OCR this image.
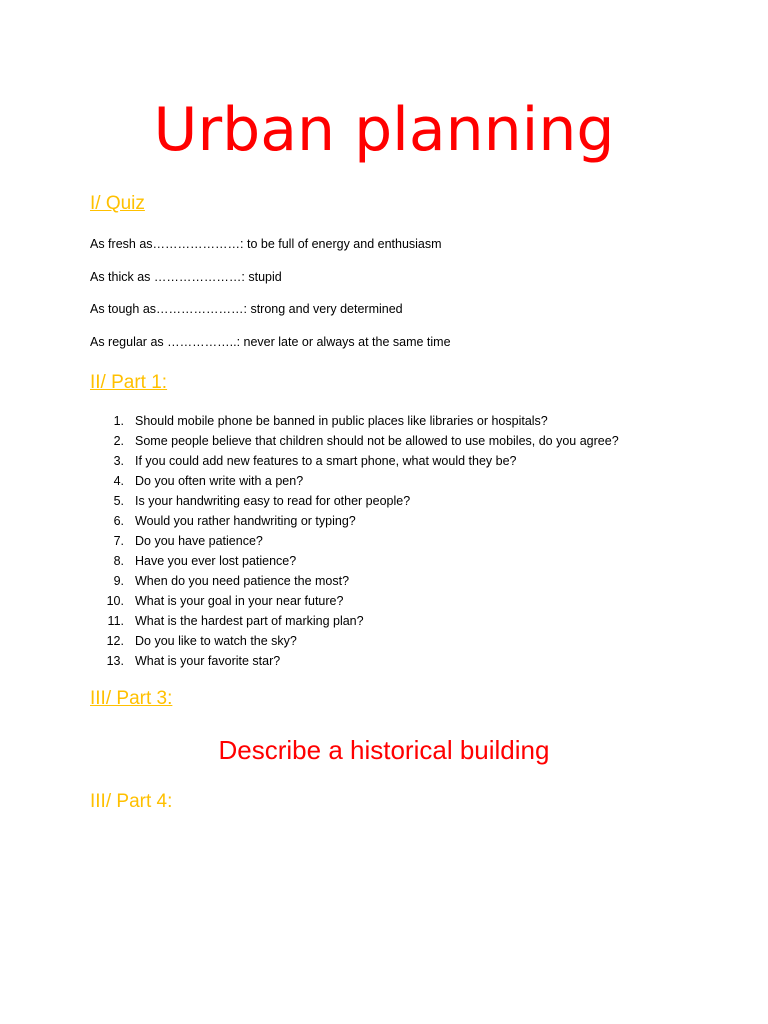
Urban planning
I/ Quiz

As fresh as…………………: to be full of energy and enthusiasm

As thick as …………………: stupid

As tough as…………………: strong and very determined

As regular as ……………..: never late or always at the same time

II/ Part 1:
1. Should mobile phone be banned in public places like libraries or hospitals?
2. Some people believe that children should not be allowed to use mobiles, do you agree?
3. If you could add new features to a smart phone, what would they be?
4. Do you often write with a pen?
5. Is your handwriting easy to read for other people?
6. Would you rather handwriting or typing?
7. Do you have patience?
8. Have you ever lost patience?
9. When do you need patience the most?
10. What is your goal in your near future?
11. What is the hardest part of marking plan?
12. Do you like to watch the sky?
13. What is your favorite star?
III/ Part 3:
Describe a historical building
III/ Part 4:
